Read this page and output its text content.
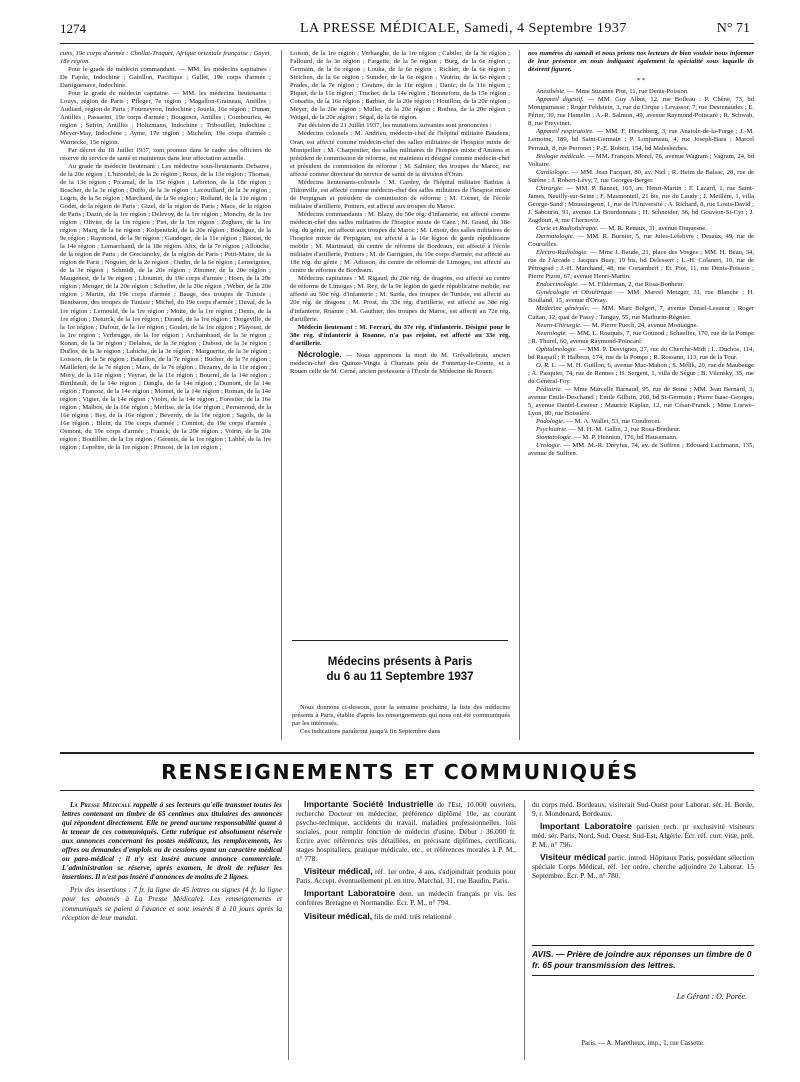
1274	LA PRESSE MÉDICALE, Samedi, 4 Septembre 1937	N° 71

cuns, 19e corps d'armée : Chollat-Traquet, Afrique orientale française ; Gayet, 18e région.

Pour le grade de médecin commandant. — MM. les médecins capitaines : De Fajole, Indochine ; Gabillon, Pacifique ; Gallet, 19e corps d'armée ; Dartiguenave, Indochine.

Pour le grade de médecin capitaine. — MM. les médecins lieutenants : Louys, région de Paris ; Pfleger, 7e région ; Magallon-Graineau, Antilles ; Audiard, région de Paris ; Fourneyron, Indochine ; Jouela, 16e région ; Dunan, Antilles ; Passarini, 19e corps d'armée ; Bougenot, Antilles ; Combourieu, 4e région ; Sufrin, Antilles ; Holtzmann, Indochine ; Tribouillet, Indochine ; Meyer-May, Indochine ; Ayme, 17e région ; Michelin, 19e corps d'armée ; Warnecke, 15e région.

Par décret du 18 Juillet 1937, sont promus dans le cadre des officiers de réserve du service de santé et maintenus dans leur affectation actuelle.

Au grade de médecin lieutenant : Les médecins sous-lieutenants Debauve, de la 20e région ; L'hirondel, de la 2e région ; Roux, de la 13e région ; Thomas, de la 13e région ; Picamal, de la 15e région ; Lebreton, de la 18e région ; Boscher, de la 3e région ; Duffo, de la 3e région ; Lecouillard, de la 3e région ; Legris, de la 5e région ; Marchand, de la 9e région ; Rolland, de la 11e région ; Godet, de la région de Paris ; Gizel, de la région de Paris ; Mace, de la région de Paris ; Dazin, de la 1re région ; Delevoy, de la 1re région ; Monchy, de la 1re région ; Olivier, de la 1re région ; Piet, de la 1re région ; Zeghers, de la 1re région ; Marq, de la 6e région ; Kolpenitzki, de la 20e région ; Bouligue, de la 9e région ; Raymond, de la 9e région ; Gandoger, de la 11e région ; Baoust, de la 14e région ; Lemarchand, de la 18e région. Alix, de la 7e région ; Allouche, de la région de Paris ; de Grecianoky, de la région de Paris ; Petit-Maire, de la région de Paris ; Noguier, de la 2e région ; Oudin, de la 6e région ; Lenseignies, de la 3e région ; Schmidt, de la 20e région ; Zimmer, de la 20e région ; Maugenest, de la 9e région ; Lhoumet, du 19e corps d'armée ; Hoen, de la 20e région ; Menger, de la 20e région ; Scheffer, de la 20e région ; Weber, de la 20e région ; Martin, du 19e corps d'armée ; Bauge, des troupes de Tunisie ; Bembaron, des troupes de Tunisie ; Michel, du 19e corps d'armée ; Duval, de la 1re région ; Lernould, de la 1re région ; Motte, de la 1re région ; Denis, de la 1re région ; Deturck, de la 1re région ; Dirand, de la 1re région ; Dorgeville, de la 1re région ; Dufour, de la 1re région ; Goulet, de la 1re région ; Playoust, de la 1re région ; Verbrugge, de la 1re région ; Archambaud, de la 3e région ; Ronan, de la 3e région ; Delahos, de la 3e région ; Dubost, de la 3e région ; Duflos, de la 3e région ; Labiche, de la 3e région ; Marguerite, de la 3e région ; Loisson, de la 5e région ; Bataillon, de la 7e région ; Bucher, de la 7e région ; Maillefert, de la 7e région ; Mars, de la 7e région ; Dezamy, de la 11e région ; Mory, de la 11e région ; Veyrac, de la 11e région ; Bourrel, de la 14e région ; Burthiault, de la 14e région ; Dangla, de la 14e région ; Dumont, de la 14e région ; Francoz, de la 14e région ; Momet, de la 14e région ; Roman, de la 14e région ; Vigier, de la 14e région ; Violet, de la 14e région ; Forestier, de la 16e région ; Malbos, de la 16e région ; Merlise, de la 16e région ; Perramond, de la 16e région ; Bey, de la 16e région ; Beverdy, de la 16e région ; Sagols, de la 16e région ; Blein, du 19e corps d'armée ; Conniot, du 19e corps d'armée ; Osmont, du 19e corps d'armée ; Franck, de la 20e région ; Voirin, de la 20e région ; Boutillier, de la 1re région ; Gérenis, de la 1re région ; Labbé, de la 1re région ; Leprêtre, de la 1re région ; Prusost, de la 1re région ;

Loison, de la 1re région ; Verhaeghe, de la 1re région ; Cabiler, de la 3e région ; Fallourd, de la 3e région ; Fargette, de la 5e région ; Burg, de la 6e région ; Germain, de la 6e région ; Louka, de la 6e région ; Richier, de la 6e région ; Steichen, de la 6e région ; Sumder, de la 6e région ; Vautrin, de la 6e région ; Prades, de la 7e région ; Couture, de la 11e région ; Danic, de la 11e région ; Piquet, de la 11e région ; Truchet, de la 14e région ; Bonnefons, de la 15e région ; Cotsaftis, de la 16e région ; Barbier, de la 20e région ; Houillon, de la 20e région ; Meyer, de la 20e région ; Muller, de la 20e région ; Rothea, de la 20e région ; Weigel, de la 20e région ; Ségal, de la 6e région.

Par décision du 21 Juillet 1937, les mutations suivantes sont prononcées :

Médecins colonels : M. Andrieu, médecin-chef de l'hôpital militaire Baudens, Oran, est affecté comme médecin-chef des salles militaires de l'hospice mixte de Montpellier ; M. Charpentier, des salles militaires de l'hospice mixte d'Amiens et président de commission de réforme, est maintenu et désigné comme médecin-chef et président de commission de réforme ; M. Salmier, des troupes du Maroc, est affecté comme directeur du service de santé de la division d'Oran.

Médecins lieutenants-colonels : M. Gardey, de l'hôpital militaire Bathias à Thionville, est affecté comme médecin-chef des salles militaires de l'hospice mixte de Perpignan et président de commission de réforme ; M. Cornet, de l'école militaire d'artillerie, Poitiers, est affecté aux troupes du Maroc.

Médecins commandants : M. Blazy, du 50e rég. d'infanterie, est affecté comme médecin-chef des salles militaires de l'hospice mixte de Caen ; M. Grand, du 18e rég. du génie, est affecté aux troupes du Maroc ; M. Lenoir, des salles militaires de l'hospice mixte de Perpignan, est affecté à la 16e légion de garde républicaine mobile ; M. Martinaud, du centre de réforme de Bordeaux, est affecté à l'école militaire d'artillerie, Poitiers ; M. de Garrigues, du 19e corps d'armée, est affecté au 18e rég. du génie ; M. Adisson, du centre de réforme de Limoges, est affecté au centre de réforme de Bordeaux.

Médecins capitaines : M. Rigaud, du 20e rég. de dragons, est affecté au centre de réforme de Limoges ; M. Rey, de la 9e légion de garde républicaine mobile, est affecté au 50e rég. d'infanterie ; M. Sarda, des troupes de Tunisie, est affecté au 20e rég. de dragons ; M. Prost, du 33e rég. d'artillerie, est affecté au 38e rég. d'infanterie, Roanne ; M. Gauthier, des troupes du Maroc, est affecté au 72e rég. d'artillerie.

Médecin lieutenant : M. Ferrari, du 37e rég. d'infanterie. Désigné pour le 38e rég. d'infanterie à Roanne, n'a pas rejoint, est affecté au 33e rég. d'artillerie.

Nécrologie. — Nous apprenons la mort de M. Grévallebrau, ancien médecin-chef des Quinze-Vingts à Charzais près de Fontenay-le-Comte, et à Rouen celle de M. Cerné, ancien professeur à l'École de Médecine de Rouen.

Médecins présents à Paris
du 6 au 11 Septembre 1937

Nous donnons ci-dessous, pour la semaine prochaine, la liste des médecins présents à Paris, établie d'après les renseignements qui nous ont été communiqués par les intéressés.

Ces indications paraîtront jusqu'à fin Septembre dans

nos numéros du samedi et nous prions nos lecteurs de bien vouloir nous informer de leur présence en nous indiquant également la spécialité sous laquelle ils désirent figurer.

* *

Anesthésie. — Mme Suzanne Piot, 11, rue Denis-Poisson.

Appareil digestif. — MM. Guy Albot, 12, rue Boileau ; P. Chêne, 73, bd Montparnasse ; Roger Feldstein, 3, rue du Cirque ; Levassor, 7, rue Desrenaudes ; E. Périer, 30, rue Hamelin ; A.-R. Salmon, 49, avenue Raymond-Poincaré ; R. Schwab, 8, rue Freycinet.

Appareil respiratoire. — MM. F. Hirschberg, 3, rue Anatole-de-la-Forge ; J.-M. Lemoine, 189, bd Saint-Germain ; P. Lonjumeau, 4, rue Joseph-Bara ; Marcel Perrault, 8, rue Perronet ; P.-E. Robert, 154, bd Malesherbes.

Biologie médicale. — MM. François Morel, 76, avenue Wagram ; Vagram, 24, bd Voltaire.

Cardiologie. — MM. Jean Facquet, 80, av. Niel ; R. Heim de Balsac, 28, rue de Surène ; J. Robert-Lévy, 7, rue Georges-Berger.

Chirurgie. — MM. P. Banzet, 103, av. Henri-Martin ; F. Lazard, 1, rue Saint-James, Neuilly-sur-Seine ; F. Masmonteil, 21 bis, rue du Laudy ; J. Meillère, 1, villa George-Sand ; Moussingeon, 1, rue de l'Université ; A. Richard, 8, rue Louis-David ; J. Sabourin, 91, avenue La Bourdonnais ; H. Schneider, 36, bd Gouvion-St-Cyr ; J. Zagdoun, 4, rue Chernoviz.

Curie et Radiothérapie. — M. R. Renaux, 31, avenue Duquesne.

Dermatologie. — MM. R. Burnier, 5, rue Jules-Lefebvre ; Desaux, 49, rue de Courcelles.

Electro-Radiologie. — Mme J. Baude, 21, place des Vosges ; MM. H. Beau, 34, rue de l'Arcade ; Jacques Busy, 19 bis, bd Delessert ; L.-H. Colaneri, 10, rue de Pétrograd ; J.-H. Marchand, 48, rue Cortambert ; Et. Piot, 11, rue Denis-Poisson ; Pierre Pizon, 67, avenue Henri-Martin.

Endocrinologie. — M. Filderman, 2, rue Rosa-Bonheur.

Gynécologie et Obstétrique. — MM. Marcel Metzger, 31, rue Blanche ; H. Boulland, 15, avenue d'Orsay.

Médecine générale. — MM. Marc Bolgert, 7, avenue Daniel-Lesueur ; Roger Cattan, 12, quai de Passy ; Tanguy, 55, rue Mathurin-Régnier.

Neuro-Chirurgie. — M. Pierre Puech, 24, avenue Montaigne.

Neurologie. — MM. L. Rouquès, 7, rue Gounod ; Schaeffer, 170, rue de la Pompe ; R. Thurel, 60, avenue Raymond-Poincaré.

Ophtalmologie. — MM. P. Desvignes, 27, rue du Cherche-Midi ; L. Duchos, 114, bd Raspail ; P. Halbron, 174, rue de la Pompe ; R. Rossano, 113, rue de la Tour.

O. R. L. — M. H. Guillon, 6, avenue Mac-Mahon ; S. Mélik, 20, rue de Maubeuge ; A. Pasquier, 74, rue de Rennes ; H. Sergent, 1, villa de Ségur ; B. Vilensky, 35, rue du Général-Foy.

Pédiatrie. — Mme Marcelle Barnaud, 95, rue de Seine ; MM. Jean Bernard, 3, avenue Emile-Deschanel ; Emile Gilbrin, 260, bd St-Germain ; Pierre Isaac-Georges, 5, avenue Daniel-Lesueur ; Maurice Kaplan, 12, rue César-Franck ; Mme Loewe-Lyon, 80, rue Boissière.

Podologie. — M. A. Wallet, 53, rue Condorcet.

Psychiatrie. — M. H.-M. Gallot, 2, rue Rosa-Bonheur.

Stomatologie. — M. P. Hennion, 176, bd Haussmann.

Urologie. — MM. M.-R. Dreyfus, 74, av. de Suffren ; Edouard Lachmann, 135, avenue de Suffren.

RENSEIGNEMENTS ET COMMUNIQUÉS

La Presse Médicale rappelle à ses lecteurs qu'elle transmet toutes les lettres contenant un timbre de 65 centimes aux titulaires des annonces qui répondent directement. Elle ne prend aucune responsabilité quant à la teneur de ces communiqués. Cette rubrique est absolument réservée aux annonces concernant les postes médicaux, les remplacements, les offres ou demandes d'emplois ou de cessions ayant un caractère médical ou para-médical ; il n'y est inséré aucune annonce commerciale. L'administration se réserve, après examen, le droit de refuser les insertions. Il n'est pas inséré d'annonces de moins de 2 lignes.

Prix des insertions : 7 fr. la ligne de 45 lettres ou signes (4 fr. la ligne pour les abonnés à La Presse Médicale). Les renseignements et communiqués se paient à l'avance et sont insérés 8 à 10 jours après la réception de leur mandat.

Importante Société Industrielle de l'Est, 10.000 ouvriers, recherche Docteur en médecine, préférence diplômé 10e, au courant psycho-technique, accidents du travail, maladies professionnelles, lois sociales, pour remplir fonction de médecin d'usine. Début : 36.000 fr. Écrire avec références très détaillées, en précisant diplômes, certificats, stages hospitaliers, pratique médicale, etc., et références morales à P. M., n° 778.

Visiteur médical, réf. 1er ordre, 4 ans, s'adjoindrait produits pour Paris. Accept. éventuellement pl. en titre. Marchal, 31, rue Baudin, Paris.

Important Laboratoire dem. un médecin français pr vis. les confrères Bretagne et Normandie. Écr. P. M., n° 794.

Visiteur médical, fils de méd. très relationné

du corps méd. Bordeaux, visiterait Sud-Ouest pour Laborat. sér. H. Borde, 9, r. Mondenard, Bordeaux.

Important Laboratoire parisien rech. pr exclusivité visiteurs méd. sér. Paris, Nord, Sud, Ouest, Sud-Est, Algérie. Écr. réf. curr. vitæ, prét. P. M., n° 796.

Visiteur médical partic. introd. Hôpitaux Paris, possédant sélection spéciale Corps Médical, réf. 1er ordre, cherche adjoindre 2e Laborat. 15 Septembre. Écr. P. M., n° 780.

AVIS. — Prière de joindre aux réponses un timbre de 0 fr. 65 pour transmission des lettres.
Le Gérant : O. Porée.
Paris. — A. Maretheux, imp., 1, rue Cassette.
